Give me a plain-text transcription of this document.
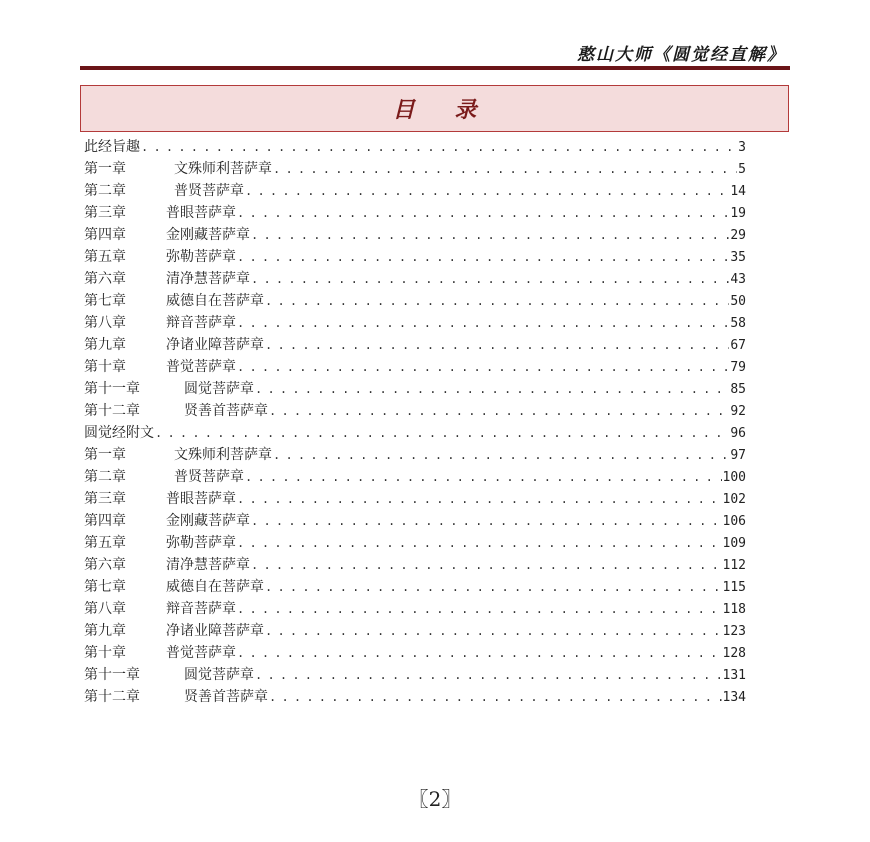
憨山大师《圆觉经直解》
目 录
此经旨趣 . . .	3
第一章	文殊师利菩萨章 . . .	5
第二章	普贤菩萨章 . . .	14
第三章	普眼菩萨章 . . .	19
第四章	金刚藏菩萨章 . . .	29
第五章	弥勒菩萨章 . . .	35
第六章	清净慧菩萨章 . . .	43
第七章	威德自在菩萨章 . . .	50
第八章	辩音菩萨章 . . .	58
第九章	净诸业障菩萨章 . . .	67
第十章	普觉菩萨章 . . .	79
第十一章	圆觉菩萨章 . . .	85
第十二章	贤善首菩萨章 . . .	92
圆觉经附文 . . .	96
第一章	文殊师利菩萨章 . . .	97
第二章	普贤菩萨章 . . .	100
第三章	普眼菩萨章 . . .	102
第四章	金刚藏菩萨章 . . .	106
第五章	弥勒菩萨章 . . .	109
第六章	清净慧菩萨章 . . .	112
第七章	威德自在菩萨章 . . .	115
第八章	辩音菩萨章 . . .	118
第九章	净诸业障菩萨章 . . .	123
第十章	普觉菩萨章 . . .	128
第十一章	圆觉菩萨章 . . .	131
第十二章	贤善首菩萨章 . . .	134
〖2〗
